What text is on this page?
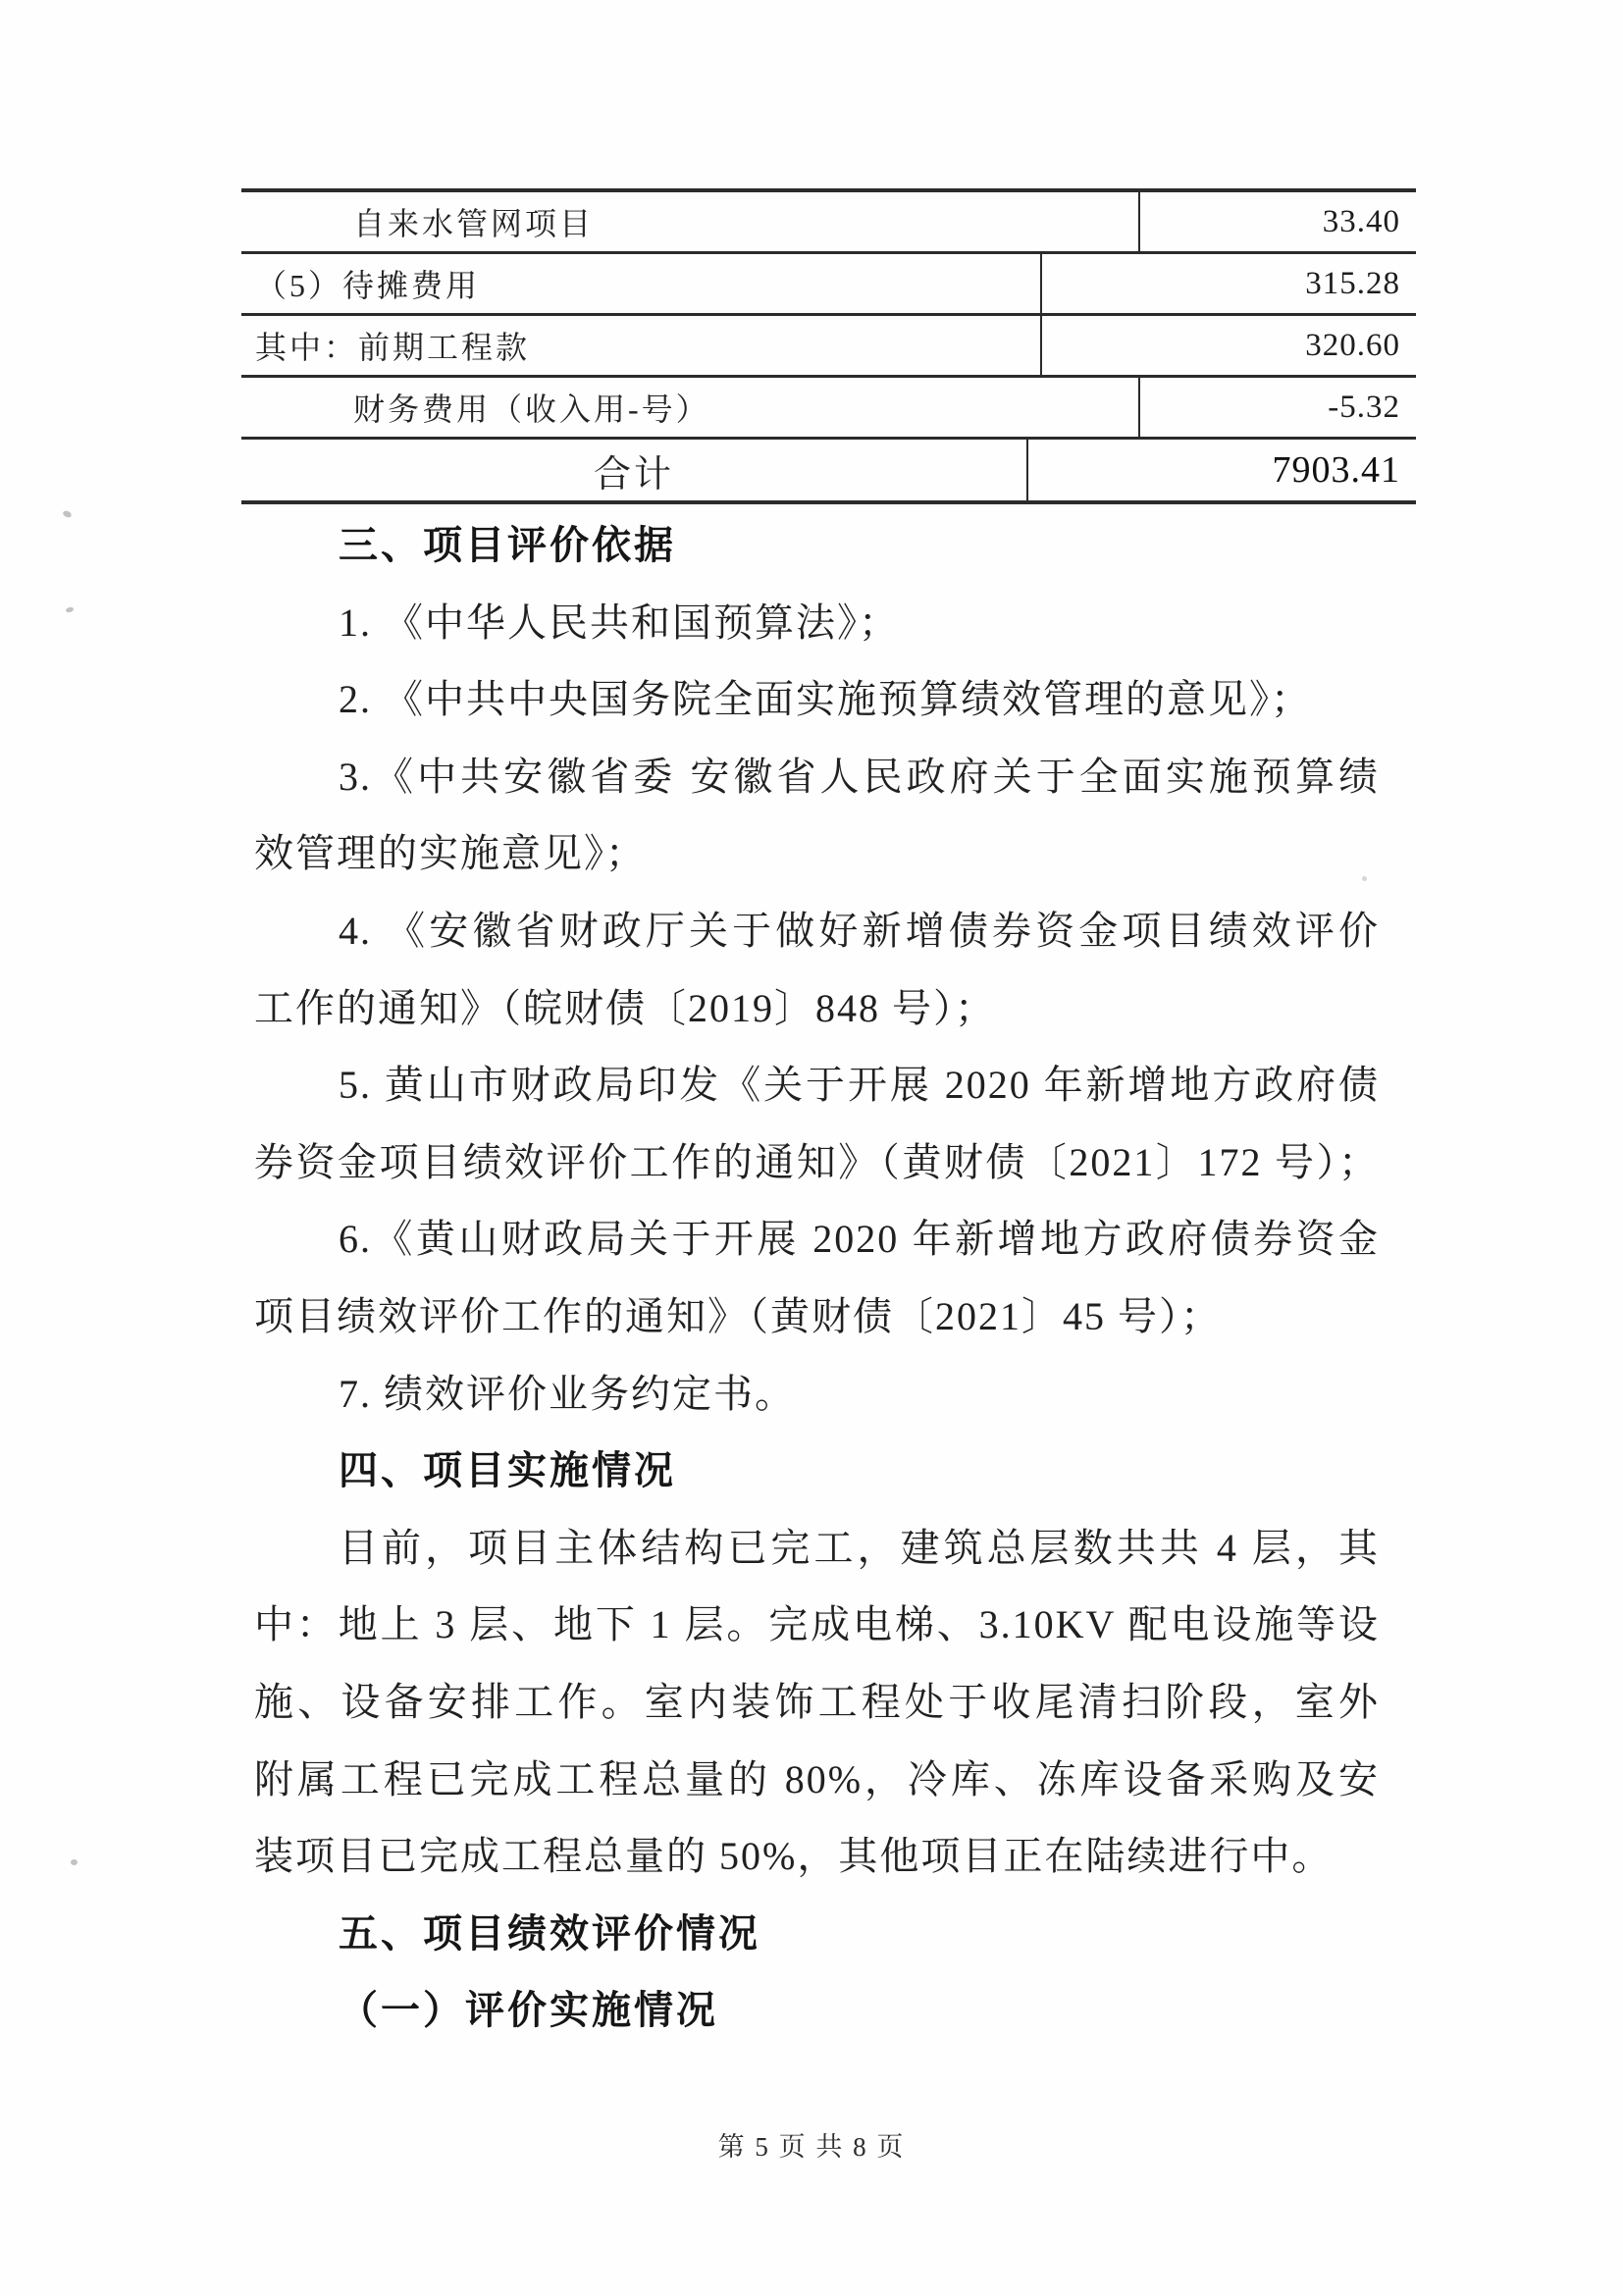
自来水管网项目	33.40
（5）待摊费用	315.28
其中：前期工程款	320.60
财务费用（收入用-号）	-5.32
合计	7903.41
三、项目评价依据
1. 《中华人民共和国预算法》；
2. 《中共中央国务院全面实施预算绩效管理的意见》；
3.《中共安徽省委 安徽省人民政府关于全面实施预算绩
效管理的实施意见》；
4. 《安徽省财政厅关于做好新增债券资金项目绩效评价
工作的通知》（皖财债〔2019〕848 号）；
5. 黄山市财政局印发《关于开展 2020 年新增地方政府债
券资金项目绩效评价工作的通知》（黄财债〔2021〕172 号）；
6.《黄山财政局关于开展 2020 年新增地方政府债券资金
项目绩效评价工作的通知》（黄财债〔2021〕45 号）；
7. 绩效评价业务约定书。
四、项目实施情况
目前，项目主体结构已完工，建筑总层数共共 4 层，其
中：地上 3 层、地下 1 层。完成电梯、3.10KV 配电设施等设
施、设备安排工作。室内装饰工程处于收尾清扫阶段，室外
附属工程已完成工程总量的 80%，冷库、冻库设备采购及安
装项目已完成工程总量的 50%，其他项目正在陆续进行中。
五、项目绩效评价情况
（一）评价实施情况
第 5 页 共 8 页
